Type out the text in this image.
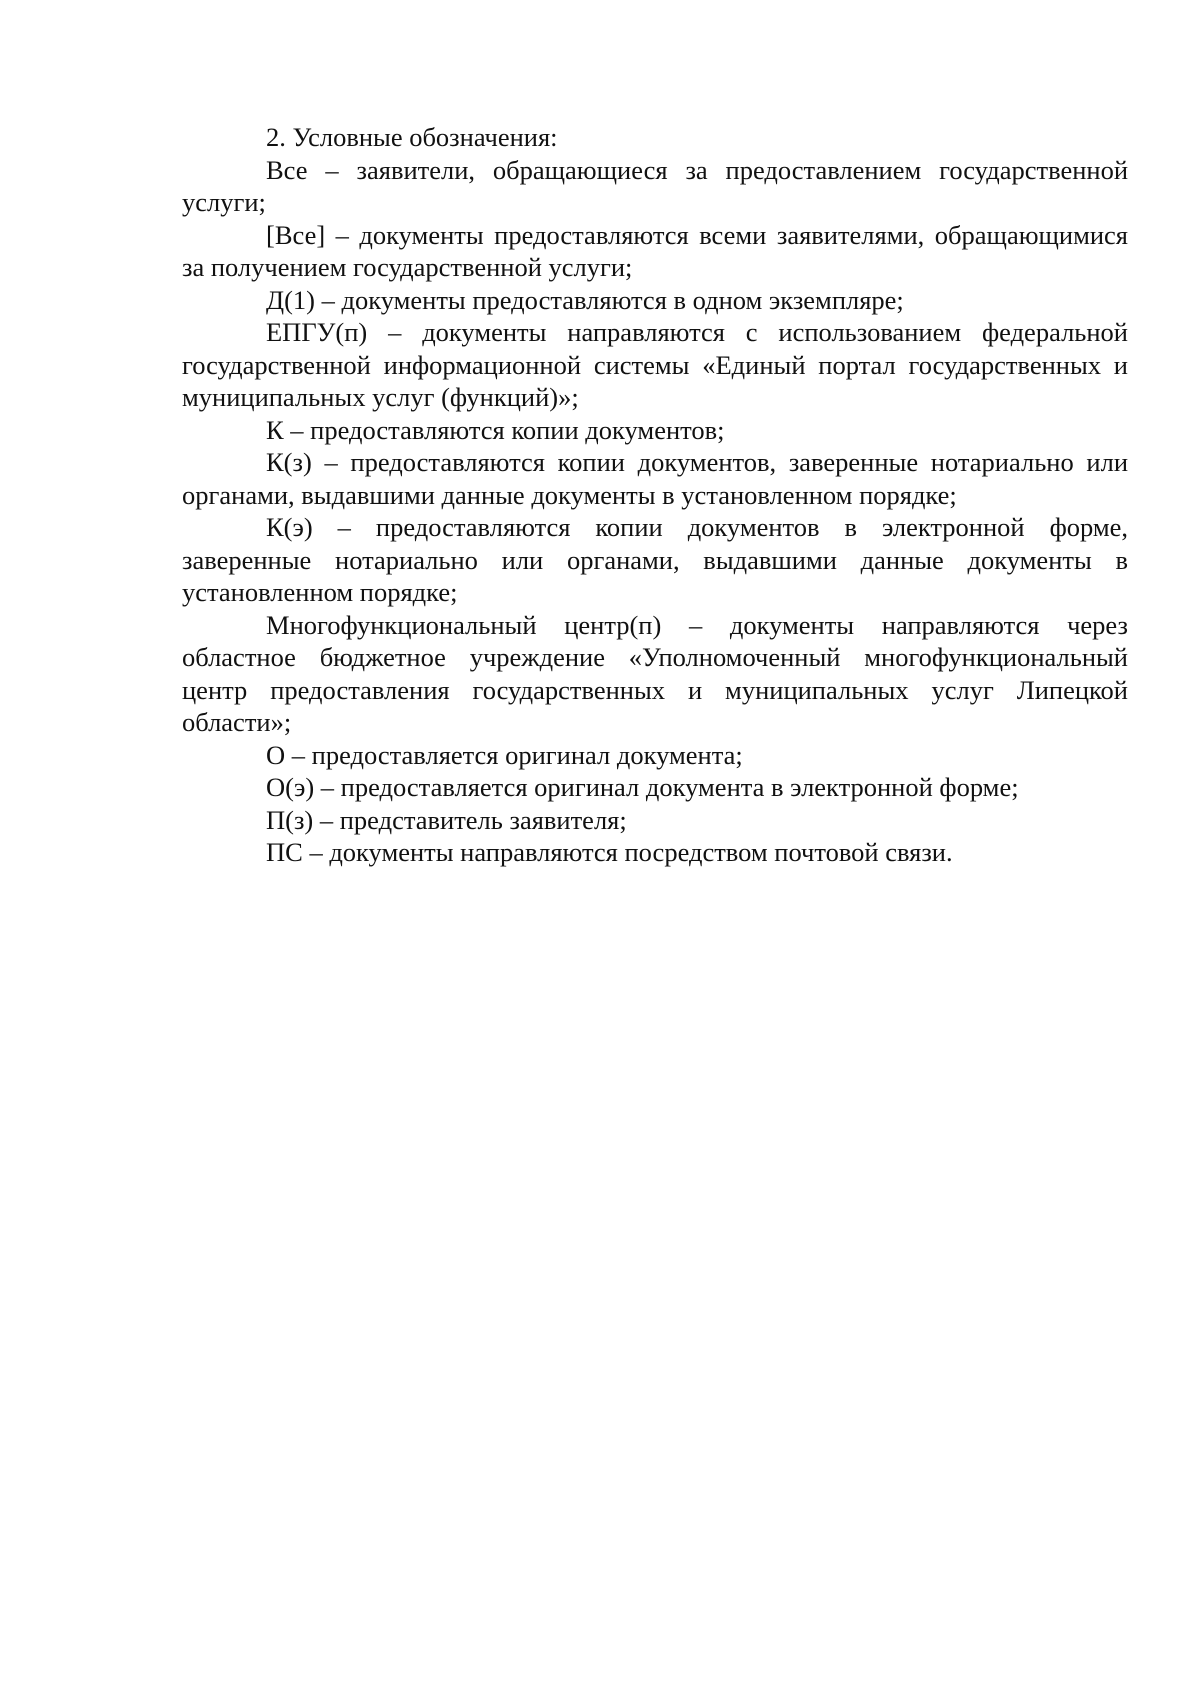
2. Условные обозначения:

Все – заявители, обращающиеся за предоставлением государственной услуги;

[Все] – документы предоставляются всеми заявителями, обращающимися за получением государственной услуги;

Д(1) – документы предоставляются в одном экземпляре;

ЕПГУ(п) – документы направляются с использованием федеральной государственной информационной системы «Единый портал государственных и муниципальных услуг (функций)»;

К – предоставляются копии документов;

К(з) – предоставляются копии документов, заверенные нотариально или органами, выдавшими данные документы в установленном порядке;

К(э) – предоставляются копии документов в электронной форме, заверенные нотариально или органами, выдавшими данные документы в установленном порядке;

Многофункциональный центр(п) – документы направляются через областное бюджетное учреждение «Уполномоченный многофункциональный центр предоставления государственных и муниципальных услуг Липецкой области»;

О – предоставляется оригинал документа;

О(э) – предоставляется оригинал документа в электронной форме;

П(з) – представитель заявителя;

ПС – документы направляются посредством почтовой связи.
